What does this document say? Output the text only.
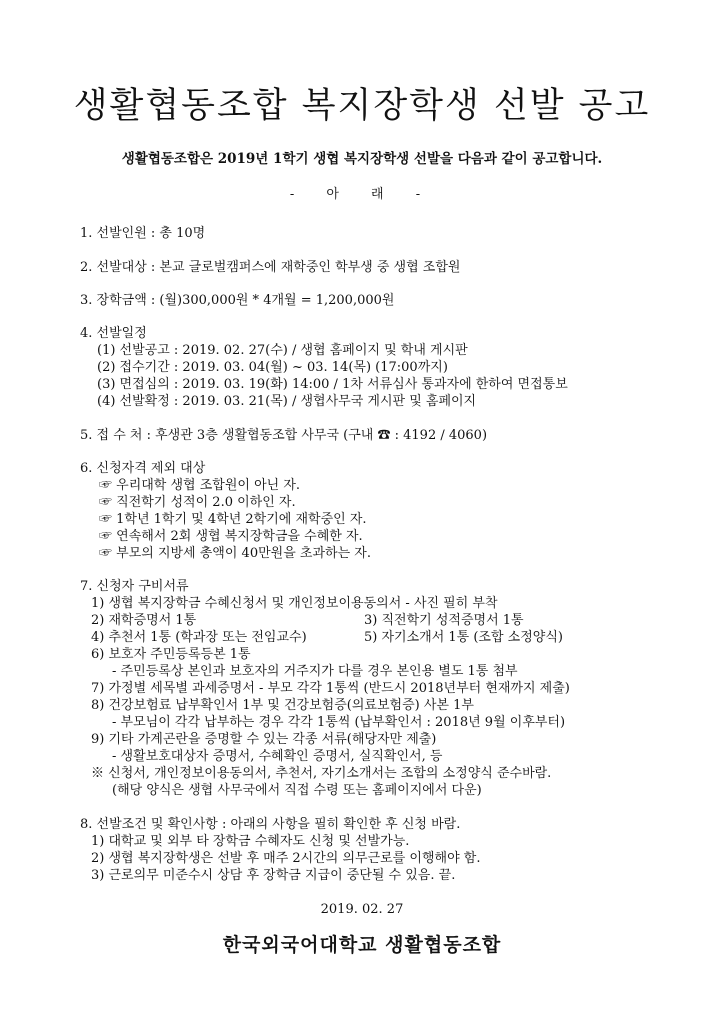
생활협동조합 복지장학생 선발 공고
생활협동조합은 2019년 1학기 생협 복지장학생 선발을 다음과 같이 공고합니다.
- 아 래 -
1. 선발인원 : 총 10명
2. 선발대상 : 본교 글로벌캠퍼스에 재학중인 학부생 중 생협 조합원
3. 장학금액 : (월)300,000원 * 4개월 = 1,200,000원
4. 선발일정
(1) 선발공고 : 2019. 02. 27(수) / 생협 홈페이지 및 학내 게시판
(2) 접수기간 : 2019. 03. 04(월) ~ 03. 14(목) (17:00까지)
(3) 면접심의 : 2019. 03. 19(화) 14:00 / 1차 서류심사 통과자에 한하여 면접통보
(4) 선발확정 : 2019. 03. 21(목) / 생협사무국 게시판 및 홈페이지
5. 접 수 처 : 후생관 3층 생활협동조합 사무국 (구내 ☎ : 4192 / 4060)
6. 신청자격 제외 대상
☞ 우리대학 생협 조합원이 아닌 자.
☞ 직전학기 성적이 2.0 이하인 자.
☞ 1학년 1학기 및 4학년 2학기에 재학중인 자.
☞ 연속해서 2회 생협 복지장학금을 수혜한 자.
☞ 부모의 지방세 총액이 40만원을 초과하는 자.
7. 신청자 구비서류
1) 생협 복지장학금 수혜신청서 및 개인정보이용동의서 - 사진 필히 부착
2) 재학증명서 1통	3) 직전학기 성적증명서 1통
4) 추천서 1통 (학과장 또는 전임교수)	5) 자기소개서 1통 (조합 소정양식)
6) 보호자 주민등록등본 1통
- 주민등록상 본인과 보호자의 거주지가 다를 경우 본인용 별도 1통 첨부
7) 가정별 세목별 과세증명서 - 부모 각각 1통씩 (반드시 2018년부터 현재까지 제출)
8) 건강보험료 납부확인서 1부 및 건강보험증(의료보험증) 사본 1부
- 부모님이 각각 납부하는 경우 각각 1통씩 (납부확인서 : 2018년 9월 이후부터)
9) 기타 가계곤란을 증명할 수 있는 각종 서류(해당자만 제출)
- 생활보호대상자 증명서, 수혜확인 증명서, 실직확인서, 등
※ 신청서, 개인정보이용동의서, 추천서, 자기소개서는 조합의 소정양식 준수바람.
(해당 양식은 생협 사무국에서 직접 수령 또는 홈페이지에서 다운)
8. 선발조건 및 확인사항 : 아래의 사항을 필히 확인한 후 신청 바람.
1) 대학교 및 외부 타 장학금 수혜자도 신청 및 선발가능.
2) 생협 복지장학생은 선발 후 매주 2시간의 의무근로를 이행해야 함.
3) 근로의무 미준수시 상담 후 장학금 지급이 중단될 수 있음. 끝.
2019. 02. 27
한국외국어대학교 생활협동조합
